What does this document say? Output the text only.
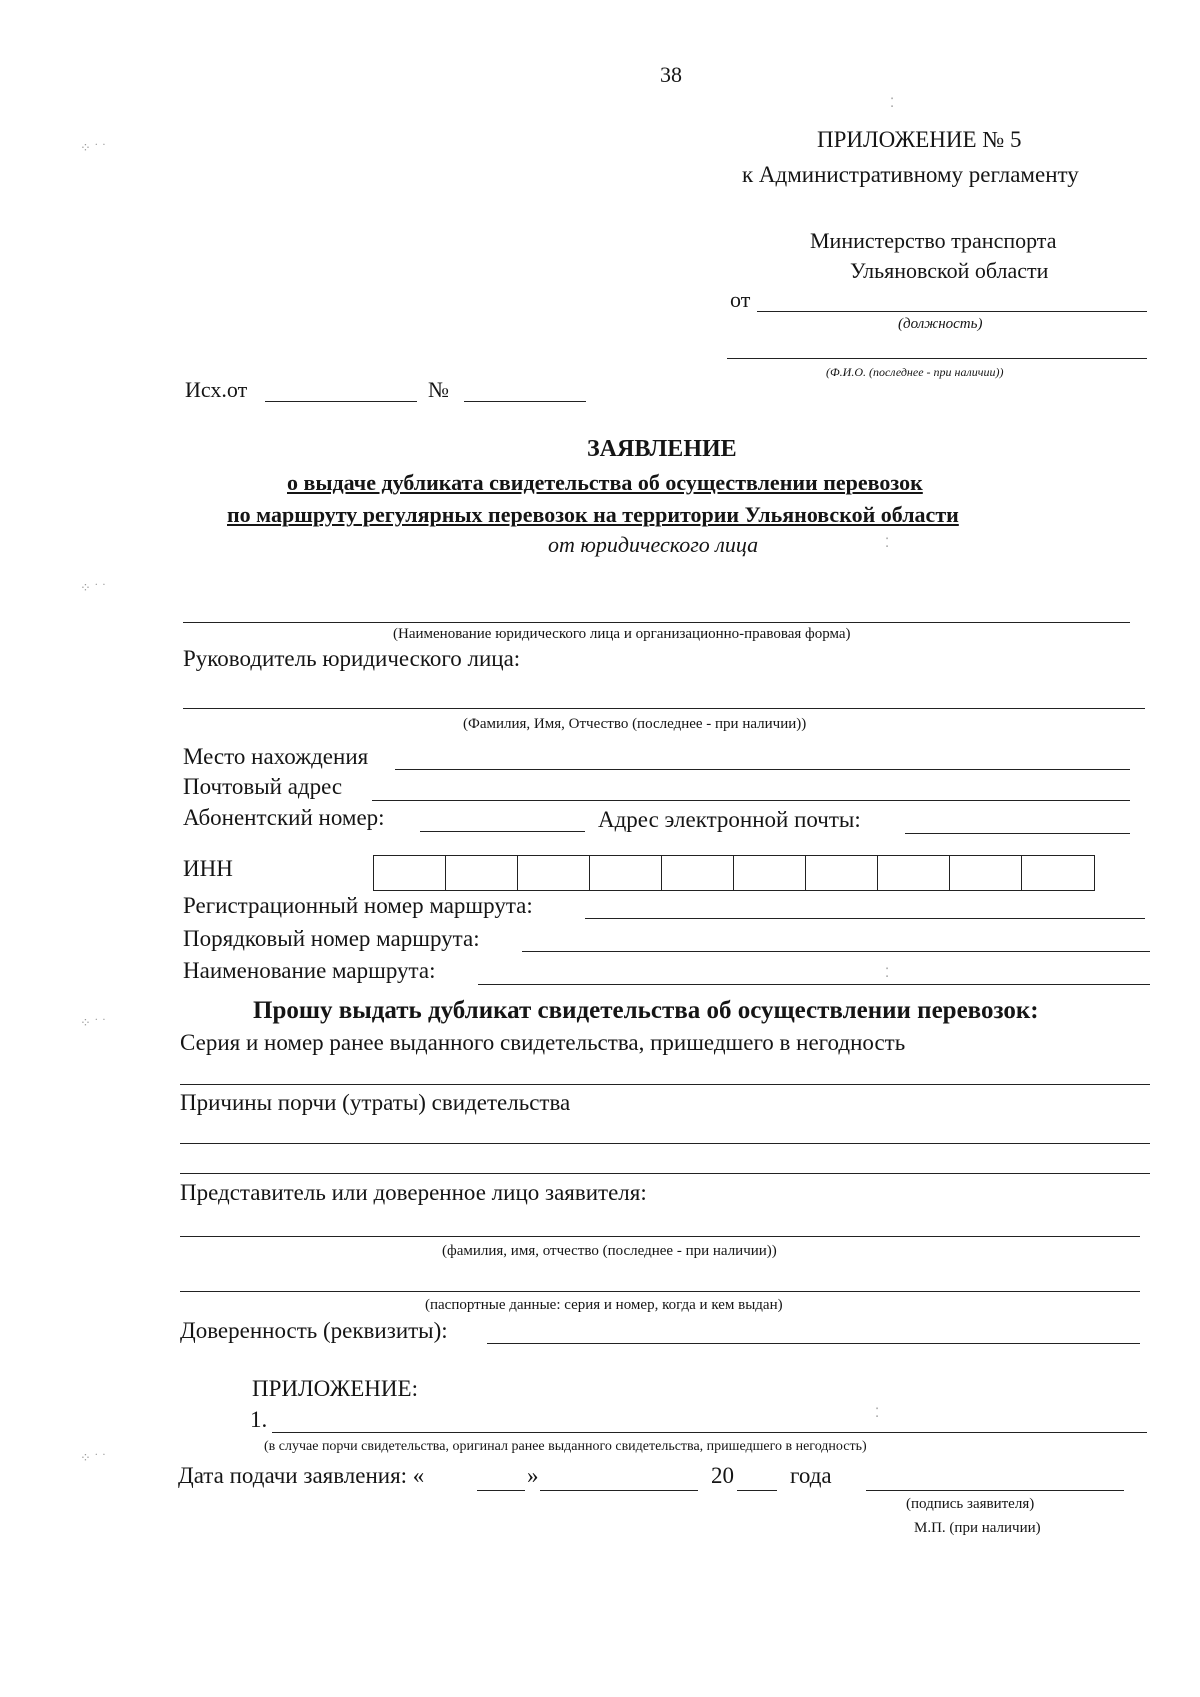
38
ПРИЛОЖЕНИЕ № 5
к Административному регламенту
Министерство транспорта
Ульяновской области
от
(должность)
(Ф.И.О. (последнее - при наличии))
Исх.от	№
ЗАЯВЛЕНИЕ
о выдаче дубликата свидетельства об осуществлении перевозок
по маршруту регулярных перевозок на территории Ульяновской области
от юридического лица
(Наименование юридического лица и организационно-правовая форма)
Руководитель юридического лица:
(Фамилия, Имя, Отчество (последнее - при наличии))
Место нахождения
Почтовый адрес
Абонентский номер:	Адрес электронной почты:
ИНН
Регистрационный номер маршрута:
Порядковый номер маршрута:
Наименование маршрута:
Прошу выдать дубликат свидетельства об осуществлении перевозок:
Серия и номер ранее выданного свидетельства, пришедшего в негодность
Причины порчи (утраты) свидетельства
Представитель или доверенное лицо заявителя:
(фамилия, имя, отчество (последнее - при наличии))
(паспортные данные: серия и номер, когда и кем выдан)
Доверенность (реквизиты):
ПРИЛОЖЕНИЕ:
1.
(в случае порчи свидетельства, оригинал ранее выданного свидетельства, пришедшего в негодность)
Дата подачи заявления: «	»	20 года
(подпись заявителя)
М.П. (при наличии)
⁘ ˙ ˙
⁘ ˙ ˙
⁘ ˙ ˙
⁘ ˙ ˙
⁚
⁚
⁚
⁚
